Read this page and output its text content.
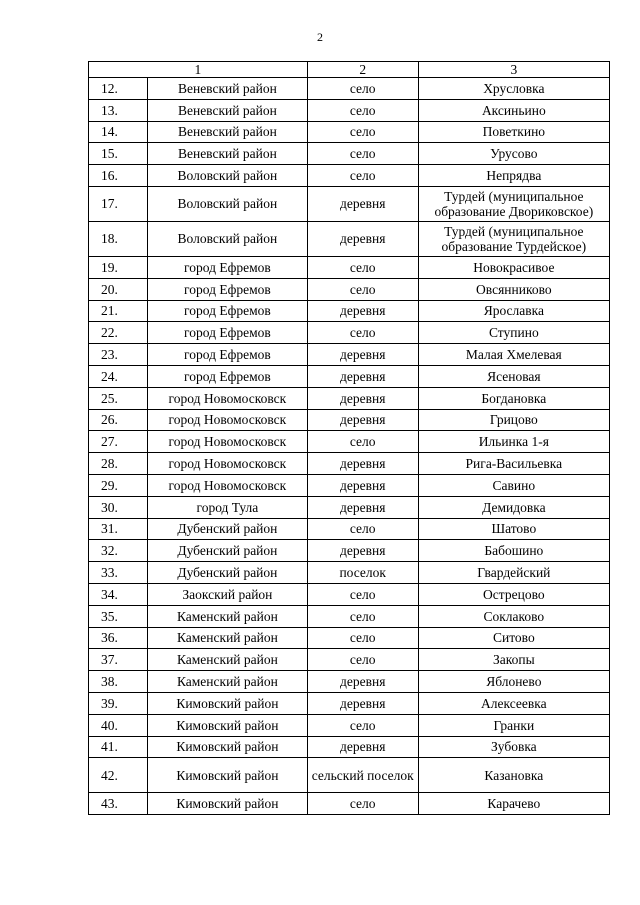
2
1		2	3
12.	Веневский район	село	Хрусловка
13.	Веневский район	село	Аксиньино
14.	Веневский район	село	Поветкино
15.	Веневский район	село	Урусово
16.	Воловский район	село	Непрядва
17.	Воловский район	деревня	Турдей (муниципальное образование Двориковское)
18.	Воловский район	деревня	Турдей (муниципальное образование Турдейское)
19.	город Ефремов	село	Новокрасивое
20.	город Ефремов	село	Овсянниково
21.	город Ефремов	деревня	Ярославка
22.	город Ефремов	село	Ступино
23.	город Ефремов	деревня	Малая Хмелевая
24.	город Ефремов	деревня	Ясеновая
25.	город Новомосковск	деревня	Богдановка
26.	город Новомосковск	деревня	Грицово
27.	город Новомосковск	село	Ильинка 1-я
28.	город Новомосковск	деревня	Рига-Васильевка
29.	город Новомосковск	деревня	Савино
30.	город Тула	деревня	Демидовка
31.	Дубенский район	село	Шатово
32.	Дубенский район	деревня	Бабошино
33.	Дубенский район	поселок	Гвардейский
34.	Заокский район	село	Острецово
35.	Каменский район	село	Соклаково
36.	Каменский район	село	Ситово
37.	Каменский район	село	Закопы
38.	Каменский район	деревня	Яблонево
39.	Кимовский район	деревня	Алексеевка
40.	Кимовский район	село	Гранки
41.	Кимовский район	деревня	Зубовка
42.	Кимовский район	сельский поселок	Казановка
43.	Кимовский район	село	Карачево
